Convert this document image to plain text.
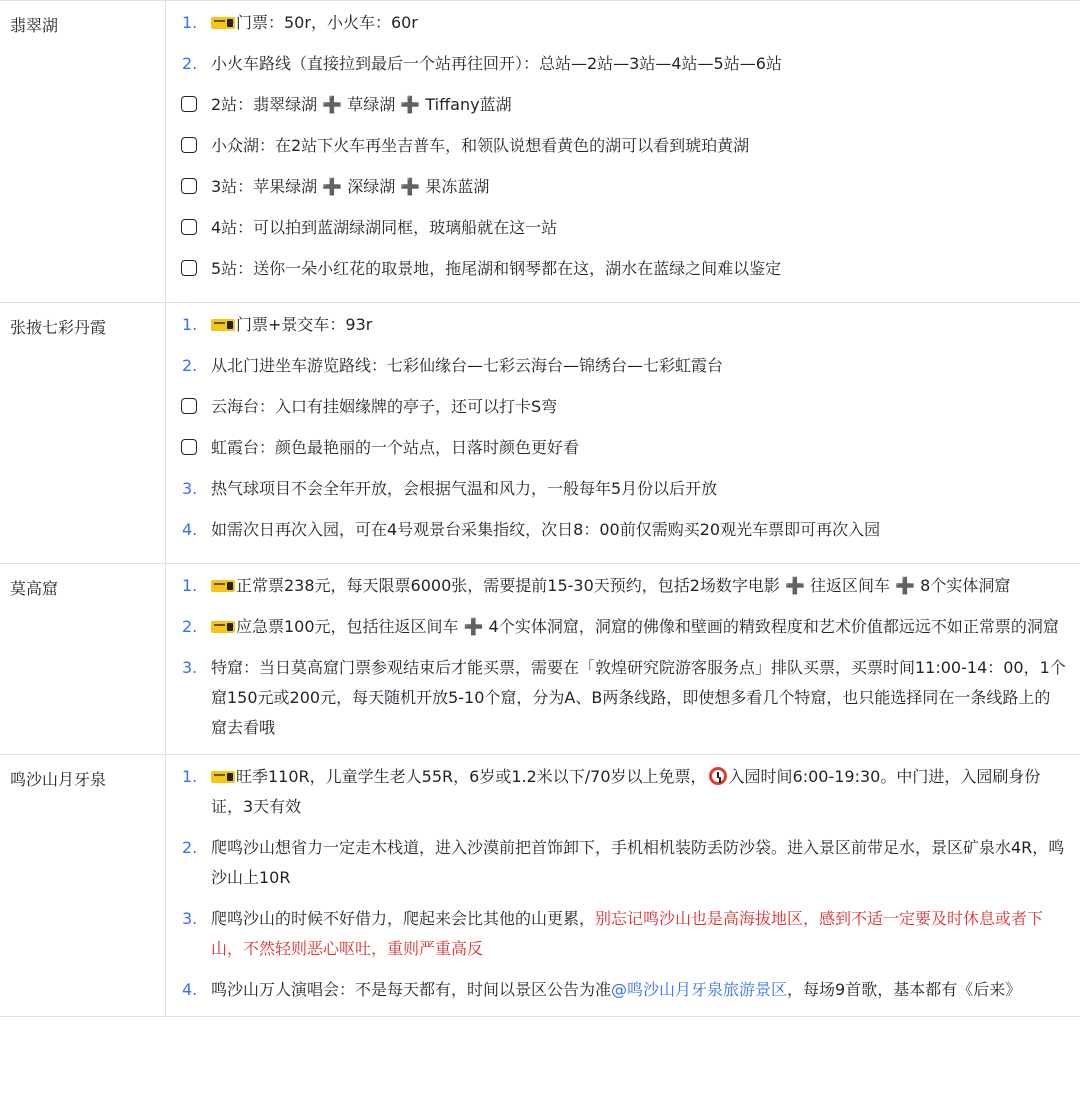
翡翠湖	1.	门票：50r，小火车：60r
2. 小火车路线（直接拉到最后一个站再往回开）：总站—2站—3站—4站—5站—6站
2站：翡翠绿湖 ➕ 草绿湖 ➕ Tiffany蓝湖
小众湖：在2站下火车再坐吉普车，和领队说想看黄色的湖可以看到琥珀黄湖
3站：苹果绿湖 ➕ 深绿湖 ➕ 果冻蓝湖
4站：可以拍到蓝湖绿湖同框，玻璃船就在这一站
5站：送你一朵小红花的取景地，拖尾湖和钢琴都在这，湖水在蓝绿之间难以鉴定
张掖七彩丹霞	1.	门票+景交车：93r
2. 从北门进坐车游览路线：七彩仙缘台—七彩云海台—锦绣台—七彩虹霞台
云海台：入口有挂姻缘牌的亭子，还可以打卡S弯
虹霞台：颜色最艳丽的一个站点，日落时颜色更好看
3. 热气球项目不会全年开放，会根据气温和风力，一般每年5月份以后开放
4. 如需次日再次入园，可在4号观景台采集指纹，次日8：00前仅需购买20观光车票即可再次入园
莫高窟	1.	正常票238元，每天限票6000张，需要提前15-30天预约，包括2场数字电影 ➕ 往返区间车 ➕ 8个实体洞窟
2.	应急票100元，包括往返区间车 ➕ 4个实体洞窟，洞窟的佛像和壁画的精致程度和艺术价值都远远不如正常票的洞窟
3. 特窟：当日莫高窟门票参观结束后才能买票，需要在「敦煌研究院游客服务点」排队买票，买票时间11:00-14：00，1个窟150元或200元，每天随机开放5-10个窟，分为A、B两条线路，即使想多看几个特窟，也只能选择同在一条线路上的窟去看哦
鸣沙山月牙泉	1.	旺季110R，儿童学生老人55R，6岁或1.2米以下/70岁以上免票， 入园时间6:00-19:30。中门进，入园刷身份证，3天有效
2. 爬鸣沙山想省力一定走木栈道，进入沙漠前把首饰卸下，手机相机装防丢防沙袋。进入景区前带足水，景区矿泉水4R，鸣沙山上10R
3. 爬鸣沙山的时候不好借力，爬起来会比其他的山更累，别忘记鸣沙山也是高海拔地区，感到不适一定要及时休息或者下山，不然轻则恶心呕吐，重则严重高反
4. 鸣沙山万人演唱会：不是每天都有，时间以景区公告为准@鸣沙山月牙泉旅游景区，每场9首歌，基本都有《后来》
